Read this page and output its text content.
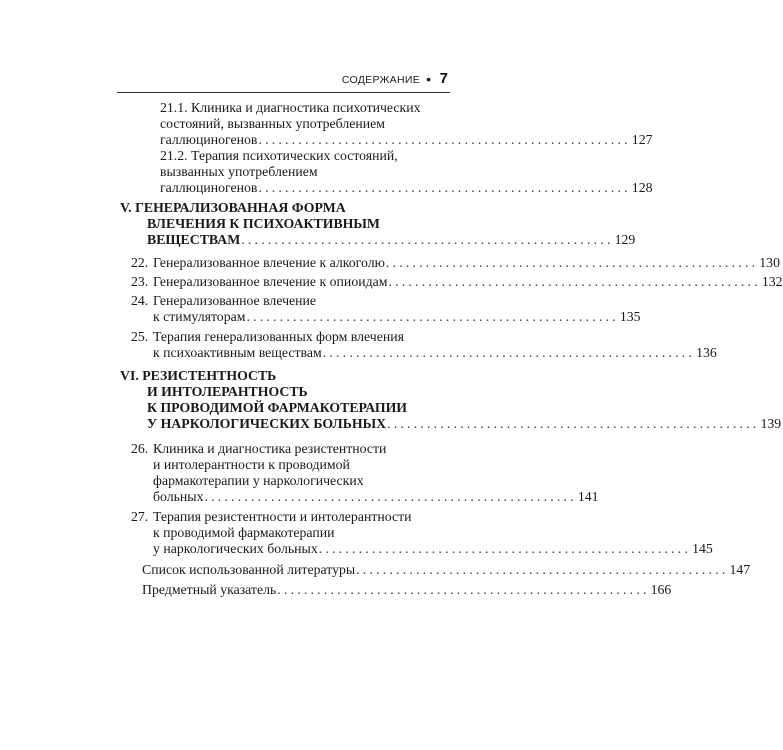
СОДЕРЖАНИЕ • 7
21.1. Клиника и диагностика психотических
состояний, вызванных употреблением
галлюциногенов ........................................................ 127
21.2. Терапия психотических состояний,
вызванных употреблением
галлюциногенов ........................................................ 128
V. ГЕНЕРАЛИЗОВАННАЯ ФОРМА
ВЛЕЧЕНИЯ К ПСИХОАКТИВНЫМ
ВЕЩЕСТВАМ ........................................................ 129
22. Генерализованное влечение к алкоголю ........................................................ 130
23. Генерализованное влечение к опиоидам ........................................................ 132
24. Генерализованное влечение
к стимуляторам ........................................................ 135
25. Терапия генерализованных форм влечения
к психоактивным веществам ........................................................ 136
VI. РЕЗИСТЕНТНОСТЬ
И ИНТОЛЕРАНТНОСТЬ
К ПРОВОДИМОЙ ФАРМАКОТЕРАПИИ
У НАРКОЛОГИЧЕСКИХ БОЛЬНЫХ ........................................................ 139
26. Клиника и диагностика резистентности
и интолерантности к проводимой
фармакотерапии у наркологических
больных ........................................................ 141
27. Терапия резистентности и интолерантности
к проводимой фармакотерапии
у наркологических больных ........................................................ 145
Список использованной литературы ........................................................ 147
Предметный указатель ........................................................ 166
